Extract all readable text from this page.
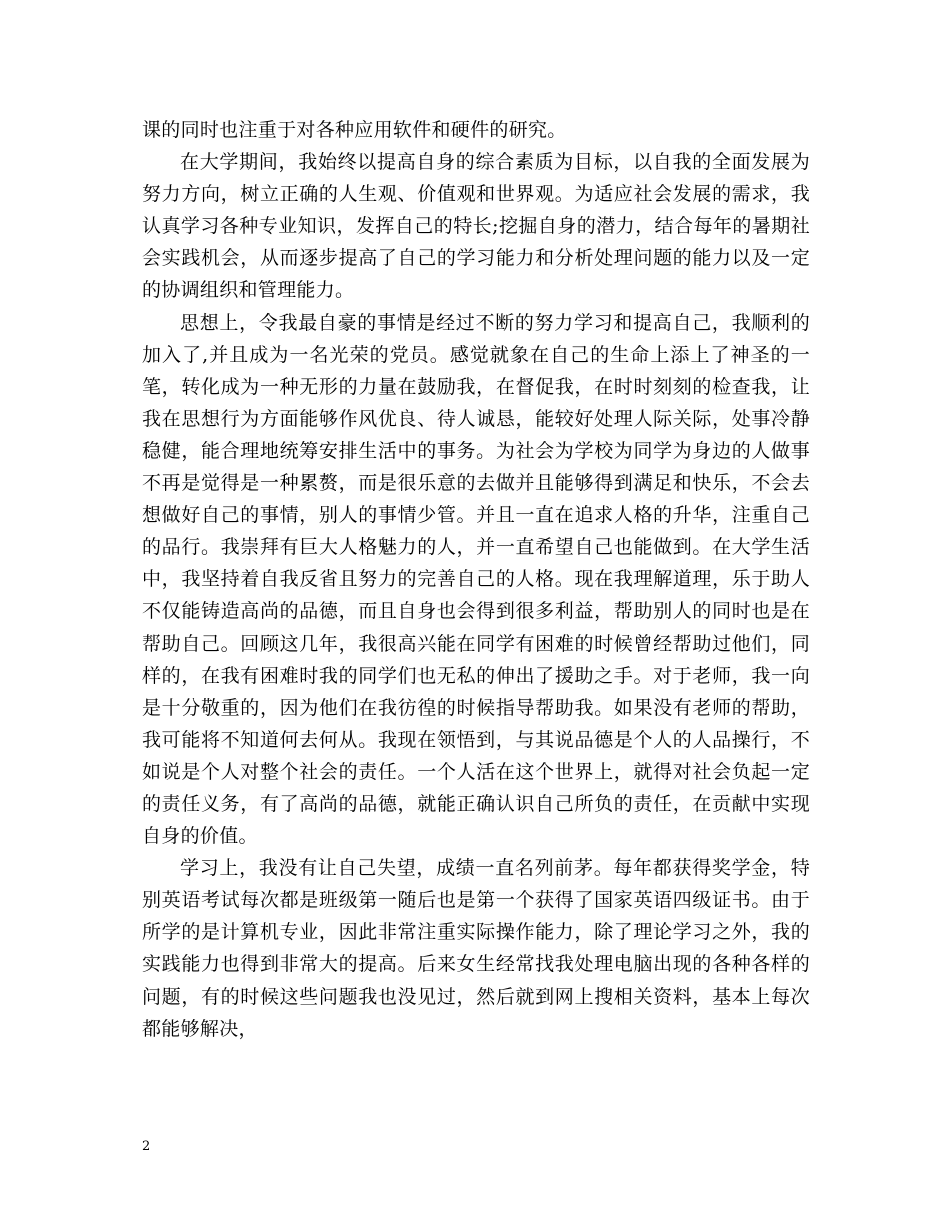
课的同时也注重于对各种应用软件和硬件的研究。

在大学期间，我始终以提高自身的综合素质为目标，以自我的全面发展为努力方向，树立正确的人生观、价值观和世界观。为适应社会发展的需求，我认真学习各种专业知识，发挥自己的特长;挖掘自身的潜力，结合每年的暑期社会实践机会，从而逐步提高了自己的学习能力和分析处理问题的能力以及一定的协调组织和管理能力。

思想上，令我最自豪的事情是经过不断的努力学习和提高自己，我顺利的加入了,并且成为一名光荣的党员。感觉就象在自己的生命上添上了神圣的一笔，转化成为一种无形的力量在鼓励我，在督促我，在时时刻刻的检查我，让我在思想行为方面能够作风优良、待人诚恳，能较好处理人际关际，处事冷静稳健，能合理地统筹安排生活中的事务。为社会为学校为同学为身边的人做事不再是觉得是一种累赘，而是很乐意的去做并且能够得到满足和快乐，不会去想做好自己的事情，别人的事情少管。并且一直在追求人格的升华，注重自己的品行。我崇拜有巨大人格魅力的人，并一直希望自己也能做到。在大学生活中，我坚持着自我反省且努力的完善自己的人格。现在我理解道理，乐于助人不仅能铸造高尚的品德，而且自身也会得到很多利益，帮助别人的同时也是在帮助自己。回顾这几年，我很高兴能在同学有困难的时候曾经帮助过他们，同样的，在我有困难时我的同学们也无私的伸出了援助之手。对于老师，我一向是十分敬重的，因为他们在我彷徨的时候指导帮助我。如果没有老师的帮助，我可能将不知道何去何从。我现在领悟到，与其说品德是个人的人品操行，不如说是个人对整个社会的责任。一个人活在这个世界上，就得对社会负起一定的责任义务，有了高尚的品德，就能正确认识自己所负的责任，在贡献中实现自身的价值。

学习上，我没有让自己失望，成绩一直名列前茅。每年都获得奖学金，特别英语考试每次都是班级第一随后也是第一个获得了国家英语四级证书。由于所学的是计算机专业，因此非常注重实际操作能力，除了理论学习之外，我的实践能力也得到非常大的提高。后来女生经常找我处理电脑出现的各种各样的问题，有的时候这些问题我也没见过，然后就到网上搜相关资料，基本上每次都能够解决，

2
